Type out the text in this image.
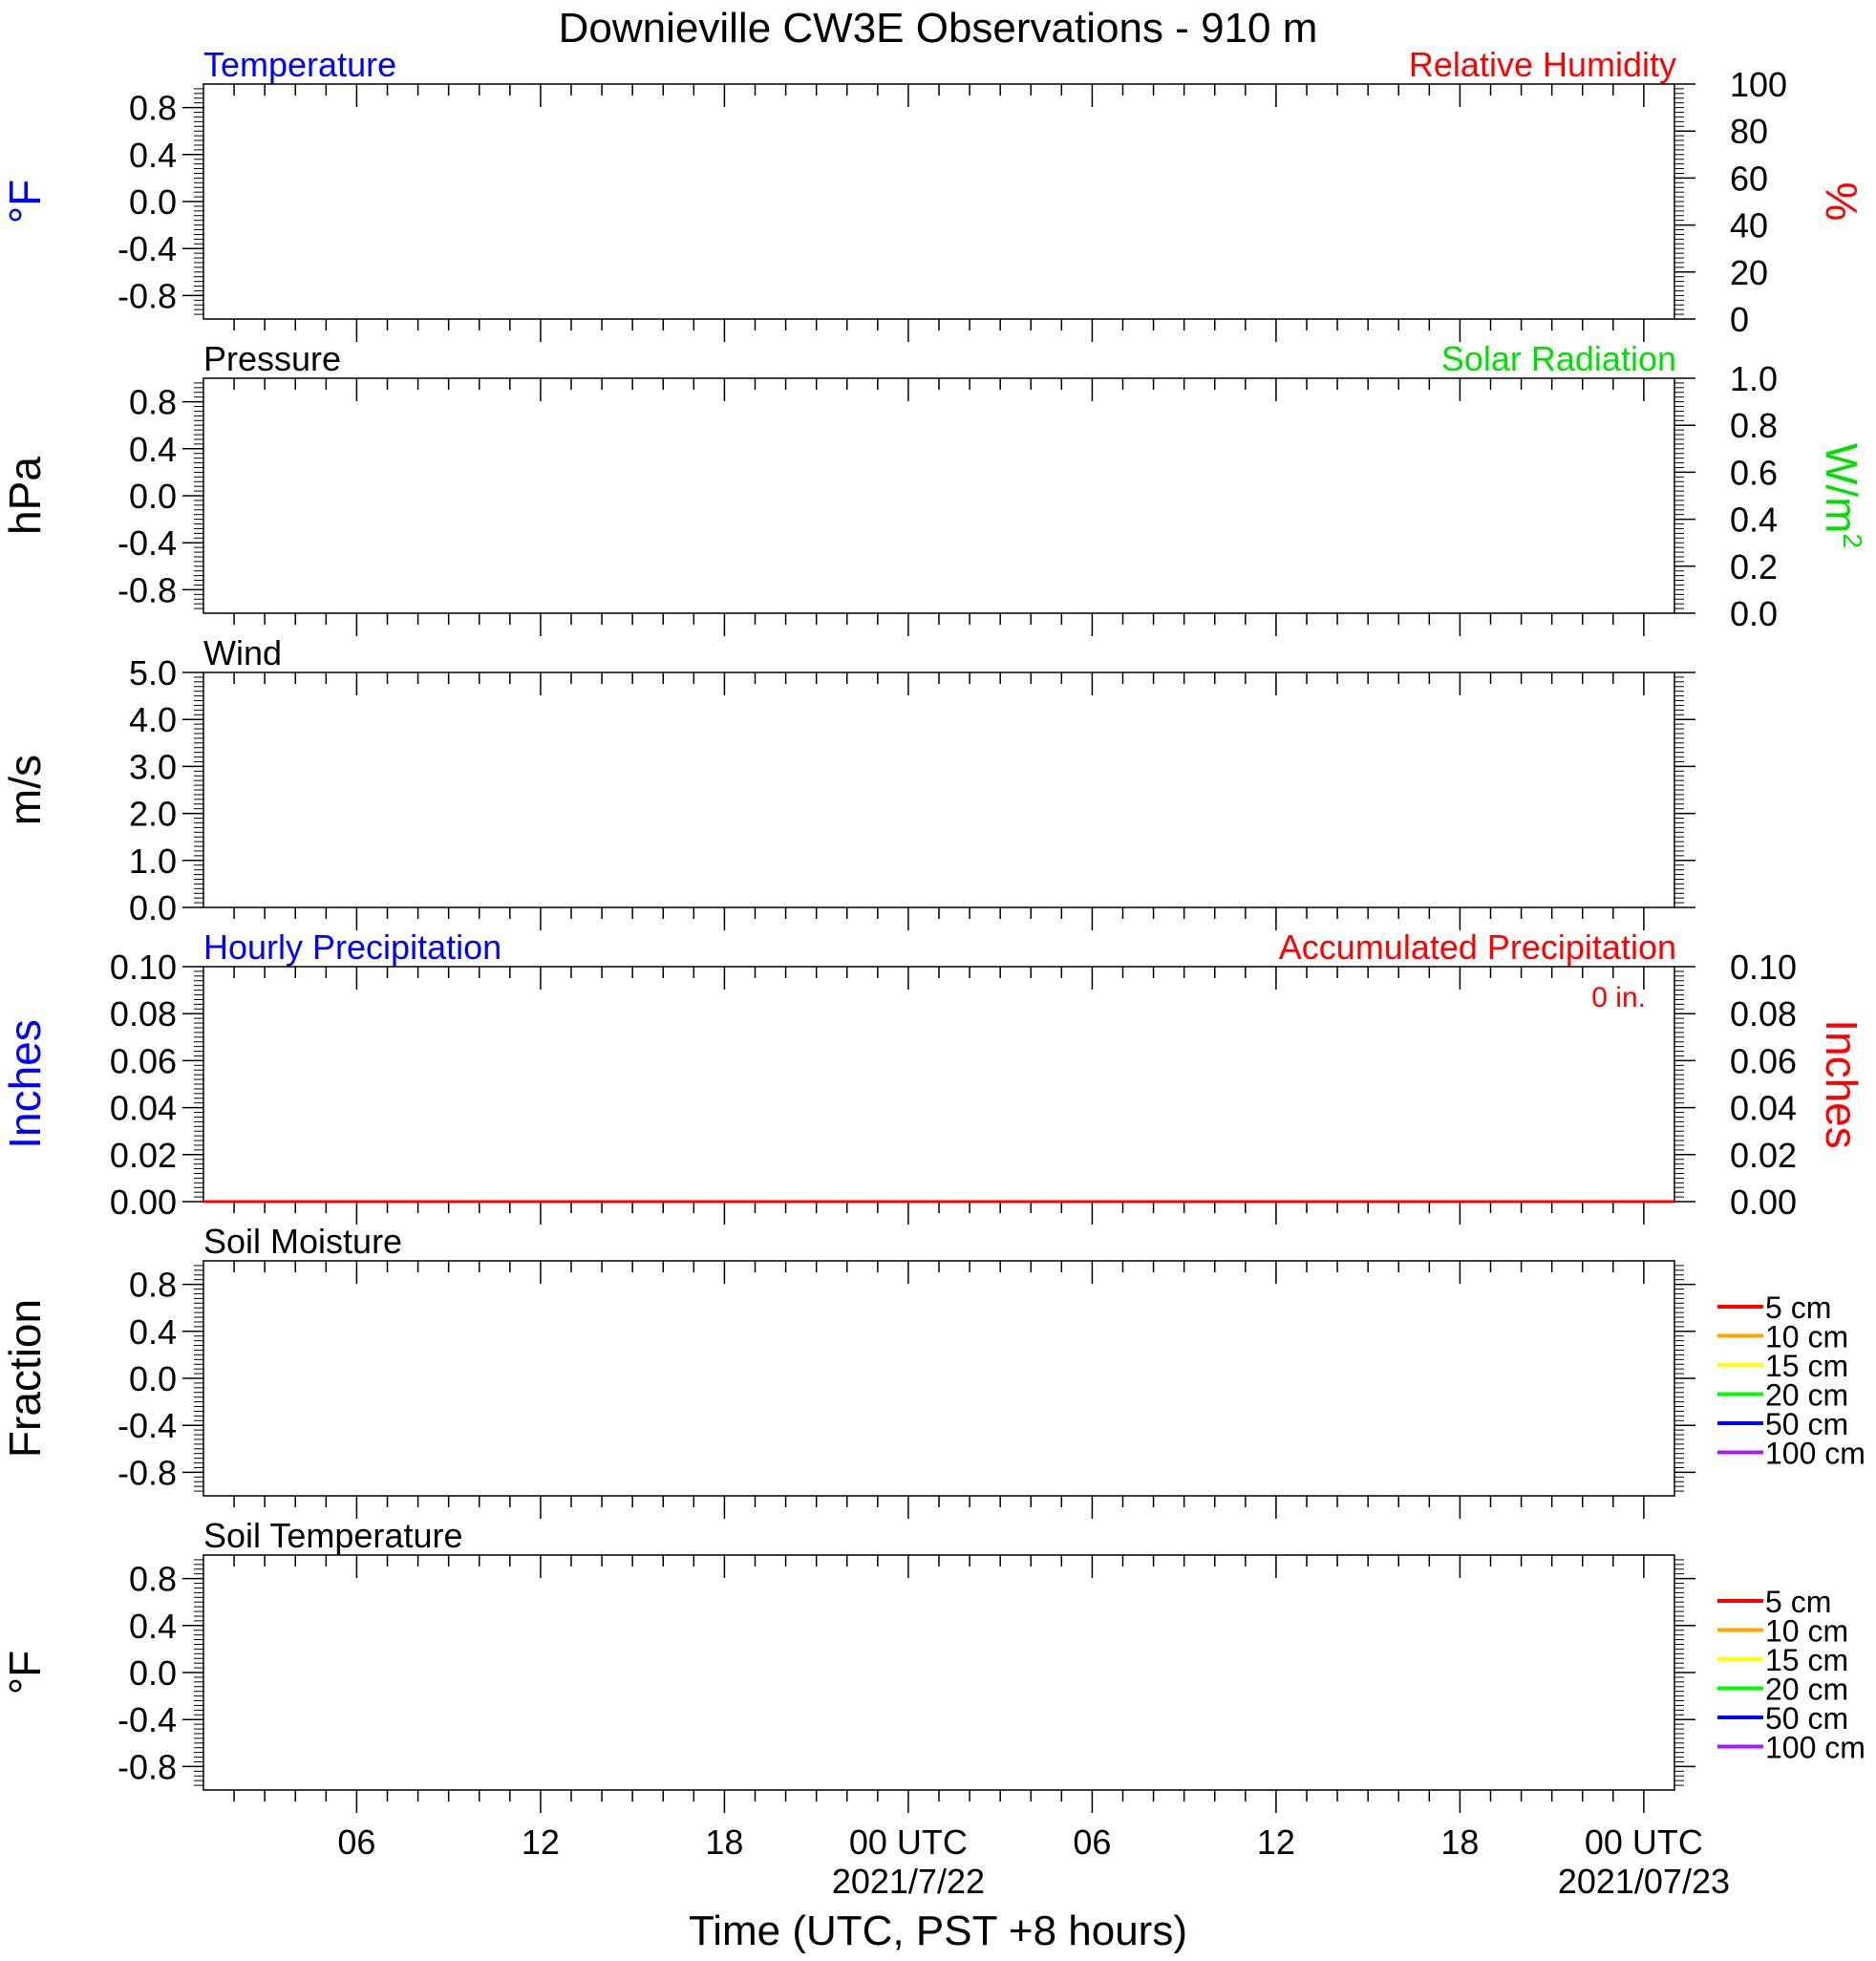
Downieville CW3E Observations - 910 m
Temperature	Relative Humidity
0.8
0.4
0.0
-0.4
-0.8
°F
100
80
60
40
20
0
%
Pressure	Solar Radiation
0.8
0.4
0.0
-0.4
-0.8
hPa
1.0
0.8
0.6
0.4
0.2
0.0
$W/m^2$
Wind
5.0
4.0
3.0
2.0
1.0
0.0
m/s
Hourly Precipitation	Accumulated Precipitation
0.10
0.08
0.06
0.04
0.02
0.00
Inches
0.10
0.08
0.06
0.04
0.02
0.00
Inches
0 in.
Soil Moisture
0.8
0.4
0.0
-0.4
-0.8
Fraction	5 cm
10 cm
15 cm
20 cm
50 cm
100 cm
Soil Temperature
0.8
0.4
0.0
-0.4
-0.8
°F
5 cm
10 cm
15 cm
20 cm
50 cm
100 cm
06	12	18	00 UTC
2021/7/22
06	12	18	00 UTC
2021/07/23
Time (UTC, PST +8 hours)
